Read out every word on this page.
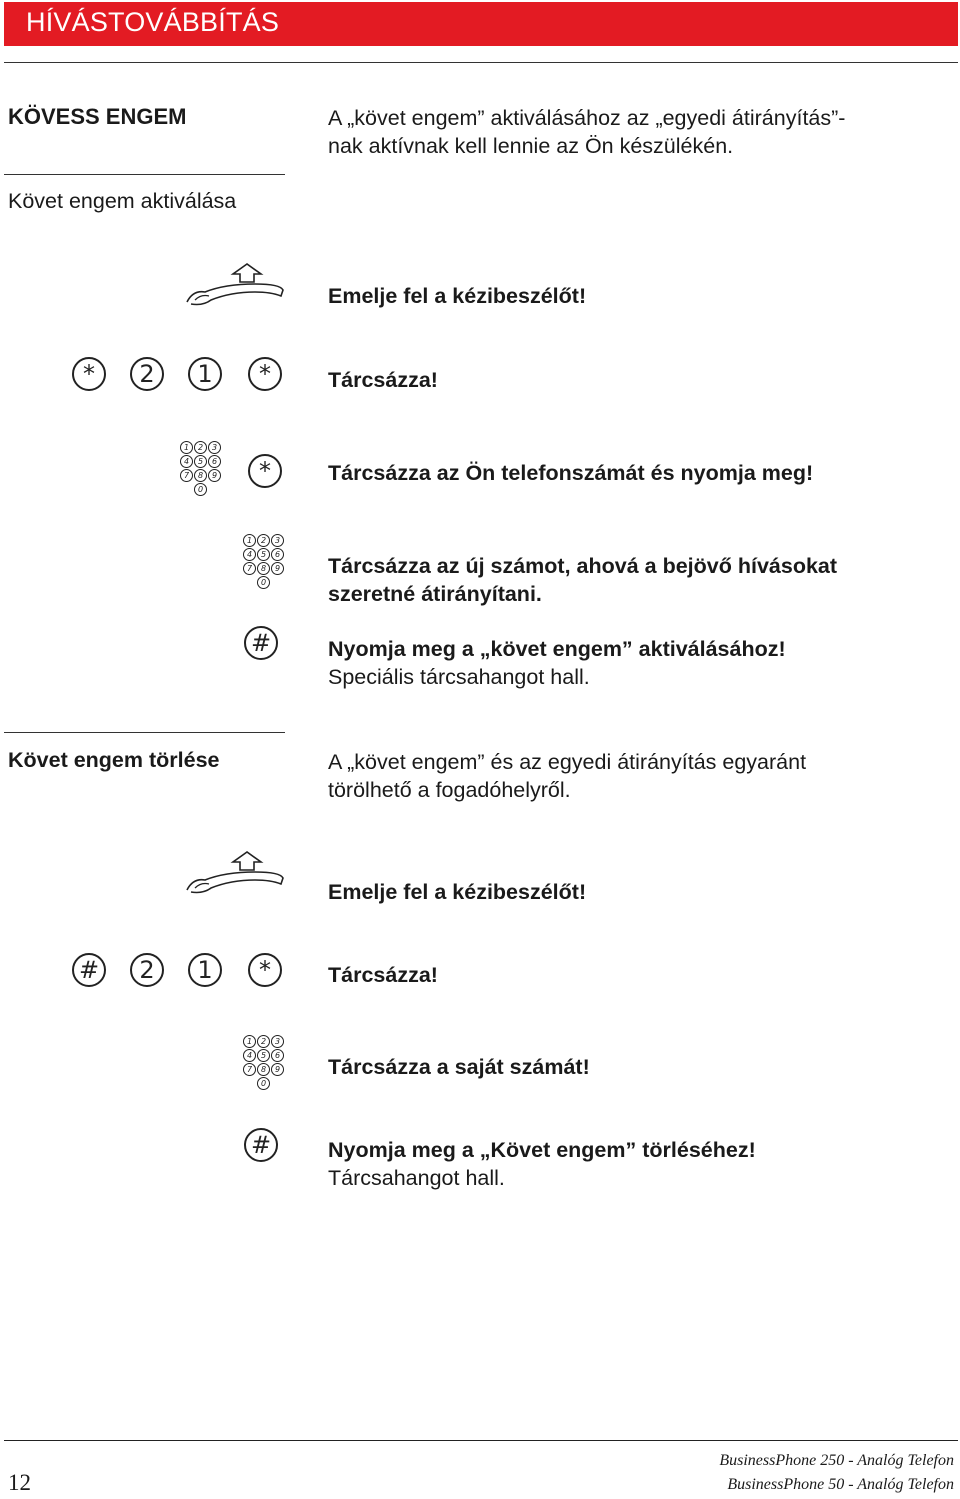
HÍVÁSTOVÁBBÍTÁS
KÖVESS ENGEM	A „követ engem” aktiválásához az „egyedi átirányítás”-
nak aktívnak kell lennie az Ön készülékén.
Követ engem aktiválása
Emelje fel a kézibeszélőt!
*	2	1	*	Tárcsázza!
1	2	3
4	5	6
7	8	9
0
*	Tárcsázza az Ön telefonszámát és nyomja meg!
1	2	3
4	5	6
7	8	9
0
Tárcsázza az új számot, ahová a bejövő hívásokat
szeretné átirányítani.
#	Nyomja meg a „követ engem” aktiválásához!
Speciális tárcsahangot hall.
Követ engem törlése	A „követ engem” és az egyedi átirányítás egyaránt
törölhető a fogadóhelyről.
Emelje fel a kézibeszélőt!
#	2	1	*	Tárcsázza!
1	2	3
4	5	6
7	8	9
0
Tárcsázza a saját számát!
#	Nyomja meg a „Követ engem” törléséhez!
Tárcsahangot hall.
12
BusinessPhone 250 - Analóg Telefon
BusinessPhone 50 - Analóg Telefon
